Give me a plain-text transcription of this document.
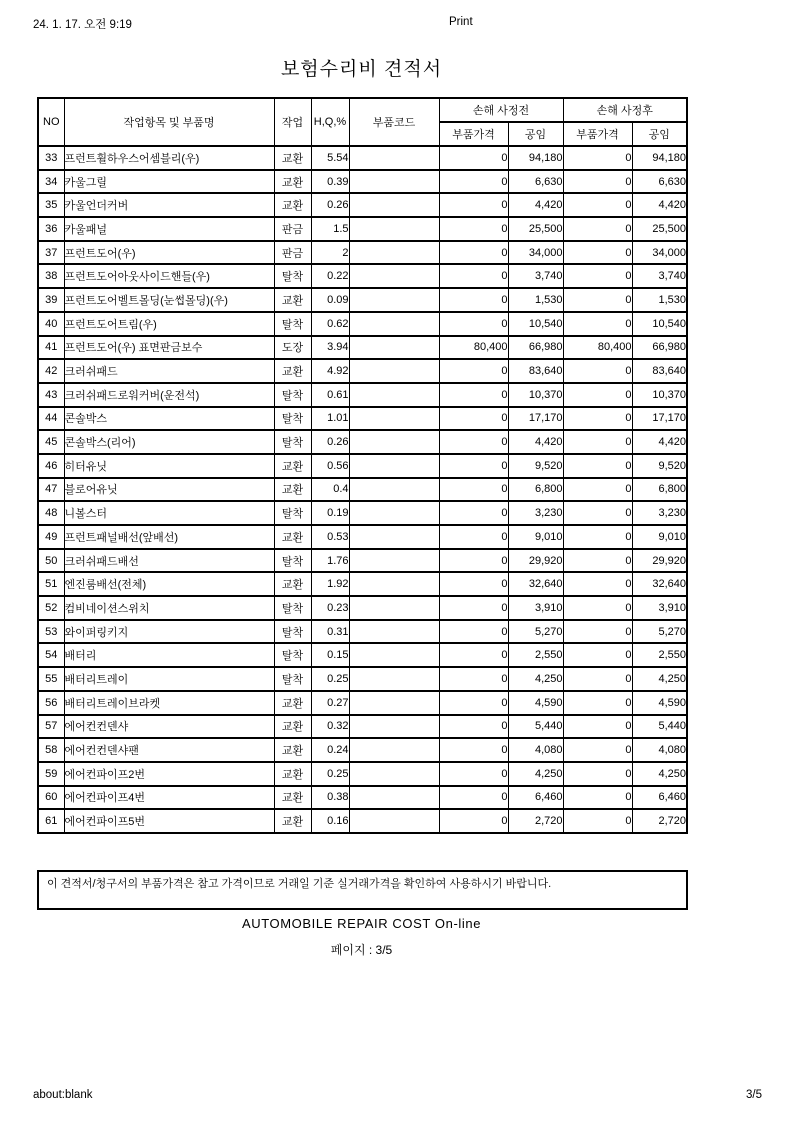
24. 1. 17. 오전 9:19	Print
보험수리비 견적서
NO	작업항목 및 부품명	작업	H,Q,%	부품코드	손해 사정전		손해 사정후	
					부품가격	공임	부품가격	공임
33	프런트휠하우스어셈블리(우)	교환	5.54		0	94,180	0	94,180
34	카울그릴	교환	0.39		0	6,630	0	6,630
35	카울언더커버	교환	0.26		0	4,420	0	4,420
36	카울패널	판금	1.5		0	25,500	0	25,500
37	프런트도어(우)	판금	2		0	34,000	0	34,000
38	프런트도어아웃사이드핸들(우)	탈착	0.22		0	3,740	0	3,740
39	프런트도어벨트몰딩(눈썹몰딩)(우)	교환	0.09		0	1,530	0	1,530
40	프런트도어트림(우)	탈착	0.62		0	10,540	0	10,540
41	프런트도어(우) 표면판금보수	도장	3.94		80,400	66,980	80,400	66,980
42	크러쉬패드	교환	4.92		0	83,640	0	83,640
43	크러쉬패드로워커버(운전석)	탈착	0.61		0	10,370	0	10,370
44	콘솔박스	탈착	1.01		0	17,170	0	17,170
45	콘솔박스(리어)	탈착	0.26		0	4,420	0	4,420
46	히터유닛	교환	0.56		0	9,520	0	9,520
47	블로어유닛	교환	0.4		0	6,800	0	6,800
48	니볼스터	탈착	0.19		0	3,230	0	3,230
49	프런트패널배선(앞배선)	교환	0.53		0	9,010	0	9,010
50	크러쉬패드배선	탈착	1.76		0	29,920	0	29,920
51	엔진룸배선(전체)	교환	1.92		0	32,640	0	32,640
52	컴비네이션스위치	탈착	0.23		0	3,910	0	3,910
53	와이퍼링키지	탈착	0.31		0	5,270	0	5,270
54	배터리	탈착	0.15		0	2,550	0	2,550
55	배터리트레이	탈착	0.25		0	4,250	0	4,250
56	배터리트레이브라켓	교환	0.27		0	4,590	0	4,590
57	에어컨컨덴샤	교환	0.32		0	5,440	0	5,440
58	에어컨컨덴샤팬	교환	0.24		0	4,080	0	4,080
59	에어컨파이프2번	교환	0.25		0	4,250	0	4,250
60	에어컨파이프4번	교환	0.38		0	6,460	0	6,460
61	에어컨파이프5번	교환	0.16		0	2,720	0	2,720

이 견적서/청구서의 부품가격은 참고 가격이므로 거래일 기준 실거래가격을 확인하여 사용하시기 바랍니다.

AUTOMOBILE REPAIR COST On-line
페이지 : 3/5
about:blank	3/5
